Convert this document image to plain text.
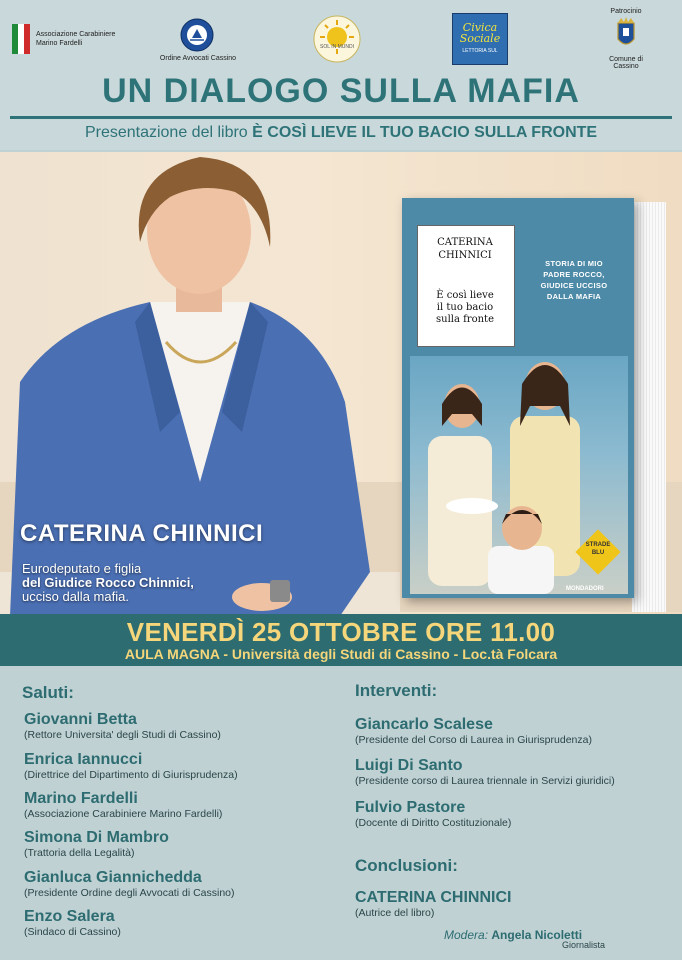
Associazione Carabiniere
Marino Fardelli
Ordine Avvocati Cassino
SOL IN MUNDI
Civica
Sociale
LETTORIA SUL
Patrocinio
Comune di Cassino
UN DIALOGO SULLA MAFIA
Presentazione del libro È COSÌ LIEVE IL TUO BACIO SULLA FRONTE
CATERINA CHINNICI
Eurodeputato e figlia
del Giudice Rocco Chinnici,
ucciso dalla mafia.
CATERINA
CHINNICI
È così lieve
il tuo bacio
sulla fronte
STORIA DI MIO
PADRE ROCCO,
GIUDICE UCCISO
DALLA MAFIA
STRADE
BLU
MONDADORI
VENERDÌ 25 OTTOBRE ORE 11.00
AULA MAGNA - Università degli Studi di Cassino - Loc.tà Folcara
Saluti:
Giovanni Betta
(Rettore Universita' degli Studi di Cassino)
Enrica Iannucci
(Direttrice del Dipartimento di Giurisprudenza)
Marino Fardelli
(Associazione Carabiniere Marino Fardelli)
Simona Di Mambro
(Trattoria della Legalità)
Gianluca Giannichedda
(Presidente Ordine degli Avvocati di Cassino)
Enzo Salera
(Sindaco di Cassino)
Interventi:
Giancarlo Scalese
(Presidente del Corso di Laurea in Giurisprudenza)
Luigi Di Santo
(Presidente corso di Laurea triennale in Servizi giuridici)
Fulvio Pastore
(Docente di Diritto Costituzionale)
Conclusioni:
CATERINA CHINNICI
(Autrice del libro)
Modera: Angela Nicoletti
Giornalista
